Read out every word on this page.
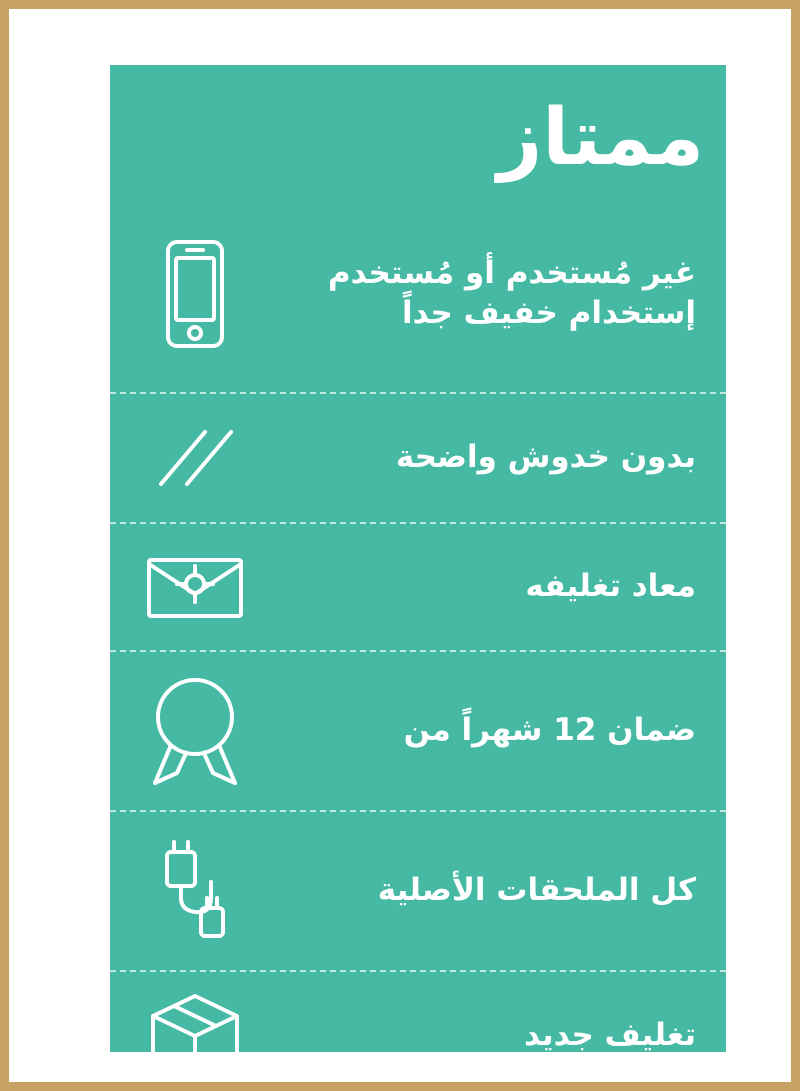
ممتاز
غير مُستخدم أو مُستخدم إستخدام خفيف جداً
بدون خدوش واضحة
معاد تغليفه
ضمان 12 شهراً من
كل الملحقات الأصلية
تغليف جديد
